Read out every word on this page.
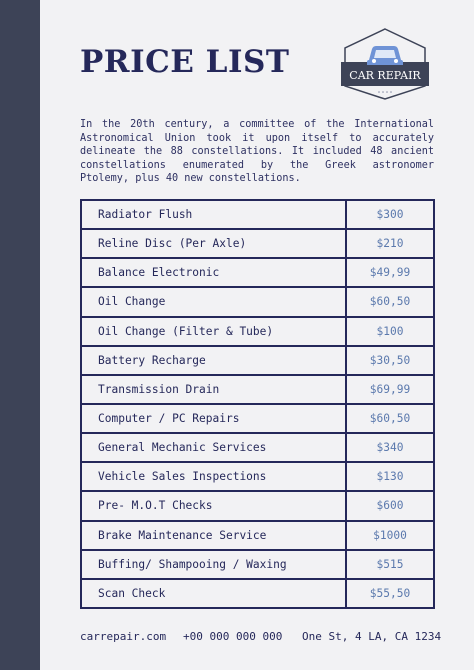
PRICE LIST	CAR REPAIR

In the 20th century, a committee of the International Astronomical Union took it upon itself to accurately delineate the 88 constellations. It included 48 ancient constellations enumerated by the Greek astronomer Ptolemy, plus 40 new constellations.

Radiator Flush	$300
Reline Disc (Per Axle)	$210
Balance Electronic	$49,99
Oil Change	$60,50
Oil Change (Filter & Tube)	$100
Battery Recharge	$30,50
Transmission Drain	$69,99
Computer / PC Repairs	$60,50
General Mechanic Services	$340
Vehicle Sales Inspections	$130
Pre- M.O.T Checks	$600
Brake Maintenance Service	$1000
Buffing/ Shampooing / Waxing	$515
Scan Check	$55,50
carrepair.com +00 000 000 000 One St, 4 LA, CA 1234
